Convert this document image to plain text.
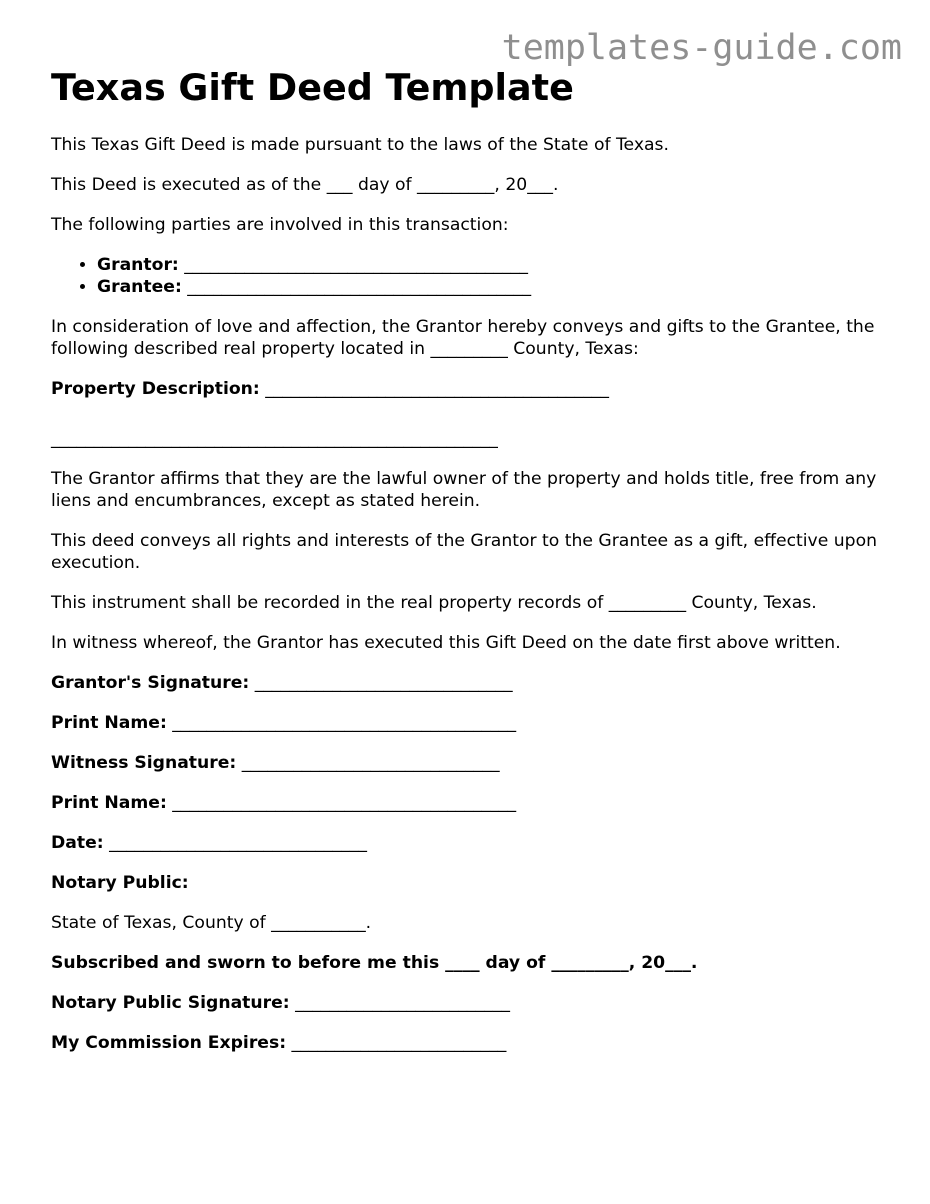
templates-guide.com
Texas Gift Deed Template

This Texas Gift Deed is made pursuant to the laws of the State of Texas.

This Deed is executed as of the ___ day of _________, 20___.

The following parties are involved in this transaction:

• Grantor: ________________________________________
• Grantee: ________________________________________

In consideration of love and affection, the Grantor hereby conveys and gifts to the Grantee, the following described real property located in _________ County, Texas:

Property Description: ________________________________________

____________________________________________________

The Grantor affirms that they are the lawful owner of the property and holds title, free from any liens and encumbrances, except as stated herein.

This deed conveys all rights and interests of the Grantor to the Grantee as a gift, effective upon execution.

This instrument shall be recorded in the real property records of _________ County, Texas.

In witness whereof, the Grantor has executed this Gift Deed on the date first above written.

Grantor's Signature: ______________________________

Print Name: ________________________________________

Witness Signature: ______________________________

Print Name: ________________________________________

Date: ______________________________

Notary Public:

State of Texas, County of ___________.

Subscribed and sworn to before me this ____ day of _________, 20___.

Notary Public Signature: _________________________

My Commission Expires: _________________________
